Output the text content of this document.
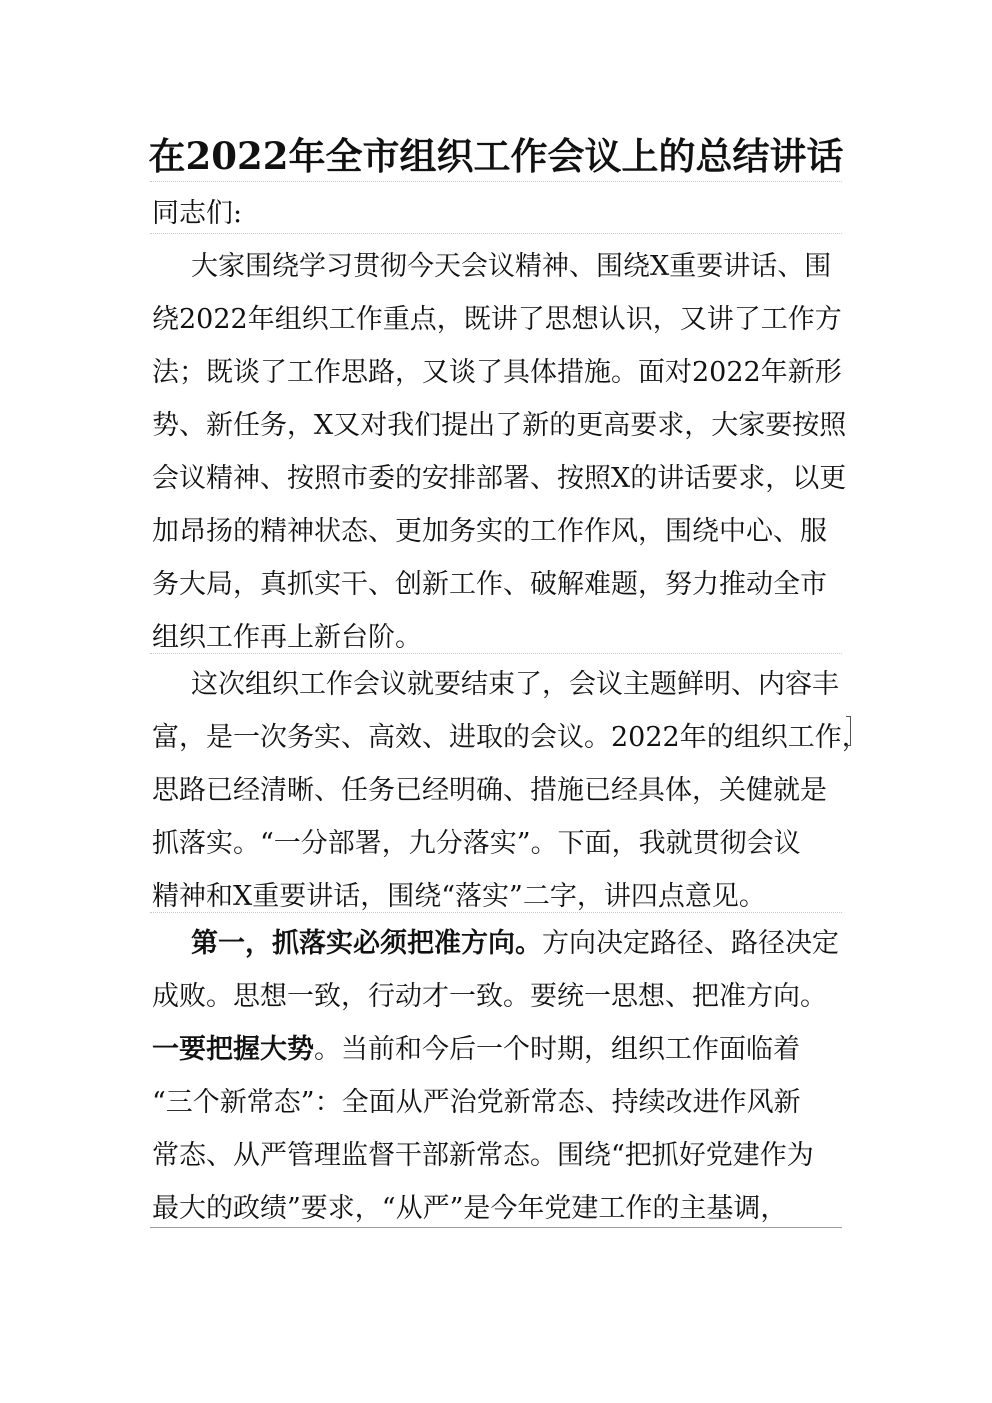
在2022年全市组织工作会议上的总结讲话

同志们:

大家围绕学习贯彻今天会议精神、围绕X重要讲话、围
绕2022年组织工作重点，既讲了思想认识，又讲了工作方
法；既谈了工作思路，又谈了具体措施。面对2022年新形
势、新任务，X又对我们提出了新的更高要求，大家要按照
会议精神、按照市委的安排部署、按照X的讲话要求，以更
加昂扬的精神状态、更加务实的工作作风，围绕中心、服
务大局，真抓实干、创新工作、破解难题，努力推动全市
组织工作再上新台阶。

这次组织工作会议就要结束了，会议主题鲜明、内容丰
富，是一次务实、高效、进取的会议。2022年的组织工作，
思路已经清晰、任务已经明确、措施已经具体，关健就是
抓落实。“一分部署，九分落实”。下面，我就贯彻会议
精神和X重要讲话，围绕“落实”二字，讲四点意见。

第一，抓落实必须把准方向。方向决定路径、路径决定
成败。思想一致，行动才一致。要统一思想、把准方向。
一要把握大势。当前和今后一个时期，组织工作面临着
“三个新常态”：全面从严治党新常态、持续改进作风新
常态、从严管理监督干部新常态。围绕“把抓好党建作为
最大的政绩”要求，“从严”是今年党建工作的主基调，
